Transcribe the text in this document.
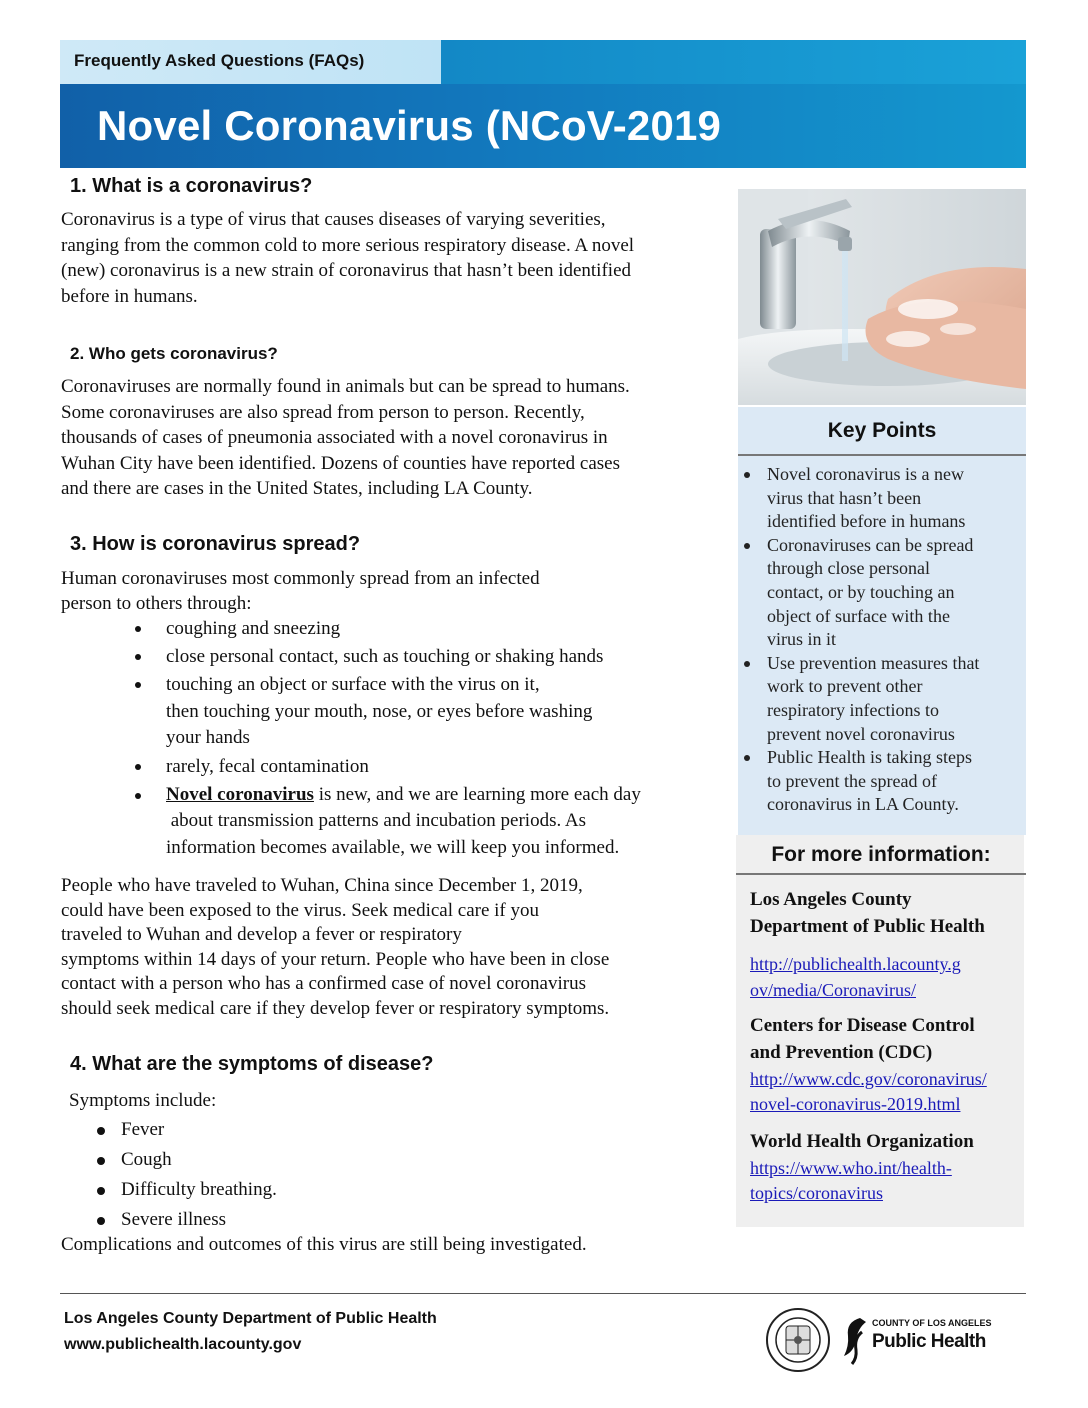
Frequently Asked Questions (FAQs)
Novel Coronavirus (NCoV-2019
1. What is a coronavirus?
Coronavirus is a type of virus that causes diseases of varying severities,
ranging from the common cold to more serious respiratory disease. A novel
(new) coronavirus is a new strain of coronavirus that hasn’t been identified
before in humans.
2. Who gets coronavirus?
Coronaviruses are normally found in animals but can be spread to humans.
Some coronaviruses are also spread from person to person. Recently,
thousands of cases of pneumonia associated with a novel coronavirus in
Wuhan City have been identified. Dozens of counties have reported cases
and there are cases in the United States, including LA County.
3. How is coronavirus spread?
Human coronaviruses most commonly spread from an infected
person to others through:
coughing and sneezing
close personal contact, such as touching or shaking hands
touching an object or surface with the virus on it,
then touching your mouth, nose, or eyes before washing
your hands
rarely, fecal contamination
Novel coronavirus is new, and we are learning more each day
about transmission patterns and incubation periods. As
information becomes available, we will keep you informed.
People who have traveled to Wuhan, China since December 1, 2019,
could have been exposed to the virus. Seek medical care if you
traveled to Wuhan and develop a fever or respiratory
symptoms within 14 days of your return. People who have been in close
contact with a person who has a confirmed case of novel coronavirus
should seek medical care if they develop fever or respiratory symptoms.
4. What are the symptoms of disease?
Symptoms include:
Fever
Cough
Difficulty breathing.
Severe illness
Complications and outcomes of this virus are still being investigated.
Key Points
Novel coronavirus is a new
virus that hasn’t been
identified before in humans
Coronaviruses can be spread
through close personal
contact, or by touching an
object of surface with the
virus in it
Use prevention measures that
work to prevent other
respiratory infections to
prevent novel coronavirus
Public Health is taking steps
to prevent the spread of
coronavirus in LA County.
For more information:
Los Angeles County
Department of Public Health
http://publichealth.lacounty.g
ov/media/Coronavirus/
Centers for Disease Control
and Prevention (CDC)
http://www.cdc.gov/coronavirus/
novel-coronavirus-2019.html
World Health Organization
https://www.who.int/health-
topics/coronavirus
Los Angeles County Department of Public Health
www.publichealth.lacounty.gov
COUNTY OF LOS ANGELES
Public Health
